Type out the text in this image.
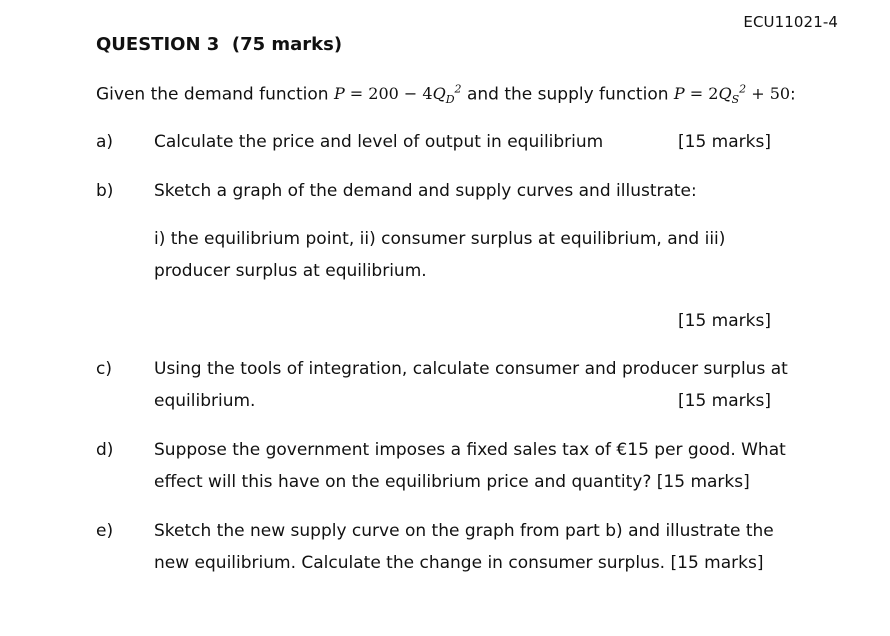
ECU11021-4
QUESTION 3  (75 marks)
Given the demand function $P = 200 - 4Q_D^2$ and the supply function $P = 2Q_S^2 + 50$:
a)	Calculate the price and level of output in equilibrium	[15 marks]
b)	Sketch a graph of the demand and supply curves and illustrate:
i) the equilibrium point, ii) consumer surplus at equilibrium, and iii)
producer surplus at equilibrium.
[15 marks]
c)	Using the tools of integration, calculate consumer and producer surplus at
equilibrium.	[15 marks]
d)	Suppose the government imposes a fixed sales tax of €15 per good. What
effect will this have on the equilibrium price and quantity? [15 marks]
e)	Sketch the new supply curve on the graph from part b) and illustrate the
new equilibrium. Calculate the change in consumer surplus. [15 marks]
